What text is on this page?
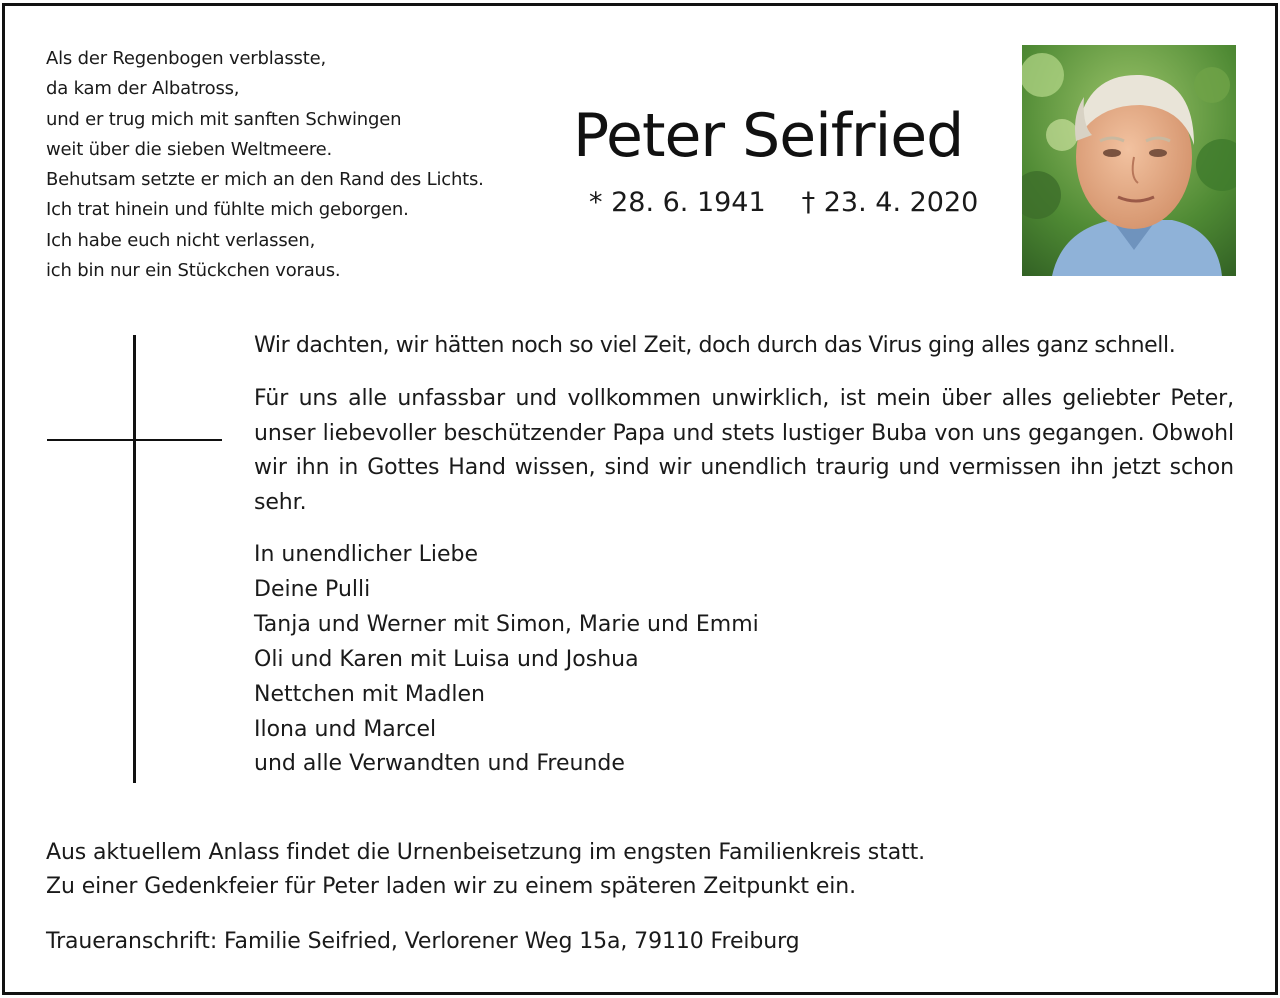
Als der Regenbogen verblasste,
da kam der Albatross,
und er trug mich mit sanften Schwingen
weit über die sieben Weltmeere.
Behutsam setzte er mich an den Rand des Lichts.
Ich trat hinein und fühlte mich geborgen.
Ich habe euch nicht verlassen,
ich bin nur ein Stückchen voraus.
Peter Seifried
* 28. 6. 1941 † 23. 4. 2020
Wir dachten, wir hätten noch so viel Zeit, doch durch das Virus ging alles ganz schnell.
Für uns alle unfassbar und vollkommen unwirklich, ist mein über alles geliebter Peter, unser liebevoller beschützender Papa und stets lustiger Buba von uns gegangen. Obwohl wir ihn in Gottes Hand wissen, sind wir unendlich traurig und vermissen ihn jetzt schon sehr.
In unendlicher Liebe
Deine Pulli
Tanja und Werner mit Simon, Marie und Emmi
Oli und Karen mit Luisa und Joshua
Nettchen mit Madlen
Ilona und Marcel
und alle Verwandten und Freunde
Aus aktuellem Anlass findet die Urnenbeisetzung im engsten Familienkreis statt.
Zu einer Gedenkfeier für Peter laden wir zu einem späteren Zeitpunkt ein.
Traueranschrift: Familie Seifried, Verlorener Weg 15a, 79110 Freiburg
